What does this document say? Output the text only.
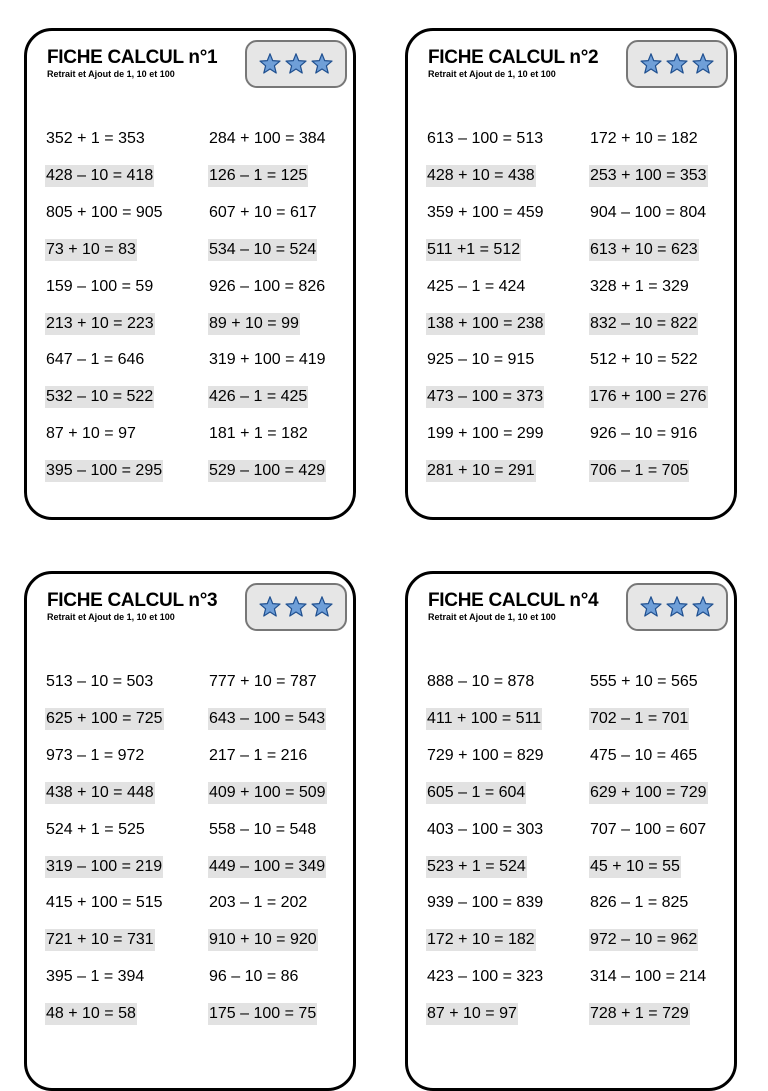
FICHE CALCUL n°1
Retrait et Ajout de 1, 10 et 100
352 + 1 = 353	284 + 100 = 384
428 – 10 = 418	126 – 1 = 125
805 + 100 = 905	607 + 10 = 617
73 + 10 = 83	534 – 10 = 524
159 – 100 = 59	926 – 100 = 826
213 + 10 = 223	89 + 10 = 99
647 – 1 = 646	319 + 100 = 419
532 – 10 = 522	426 – 1 = 425
87 + 10 = 97	181 + 1 = 182
395 – 100 = 295	529 – 100 = 429
FICHE CALCUL n°2
Retrait et Ajout de 1, 10 et 100
613 – 100 = 513	172 + 10 = 182
428 + 10 = 438	253 + 100 = 353
359 + 100 = 459	904 – 100 = 804
511 +1 = 512	613 + 10 = 623
425 – 1 = 424	328 + 1 = 329
138 + 100 = 238	832 – 10 = 822
925 – 10 = 915	512 + 10 = 522
473 – 100 = 373	176 + 100 = 276
199 + 100 = 299	926 – 10 = 916
281 + 10 = 291	706 – 1 = 705
FICHE CALCUL n°3
Retrait et Ajout de 1, 10 et 100
513 – 10 = 503	777 + 10 = 787
625 + 100 = 725	643 – 100 = 543
973 – 1 = 972	217 – 1 = 216
438 + 10 = 448	409 + 100 = 509
524 + 1 = 525	558 – 10 = 548
319 – 100 = 219	449 – 100 = 349
415 + 100 = 515	203 – 1 = 202
721 + 10 = 731	910 + 10 = 920
395 – 1 = 394	96 – 10 = 86
48 + 10 = 58	175 – 100 = 75
FICHE CALCUL n°4
Retrait et Ajout de 1, 10 et 100
888 – 10 = 878	555 + 10 = 565
411 + 100 = 511	702 – 1 = 701
729 + 100 = 829	475 – 10 = 465
605 – 1 = 604	629 + 100 = 729
403 – 100 = 303	707 – 100 = 607
523 + 1 = 524	45 + 10 = 55
939 – 100 = 839	826 – 1 = 825
172 + 10 = 182	972 – 10 = 962
423 – 100 = 323	314 – 100 = 214
87 + 10 = 97	728 + 1 = 729
